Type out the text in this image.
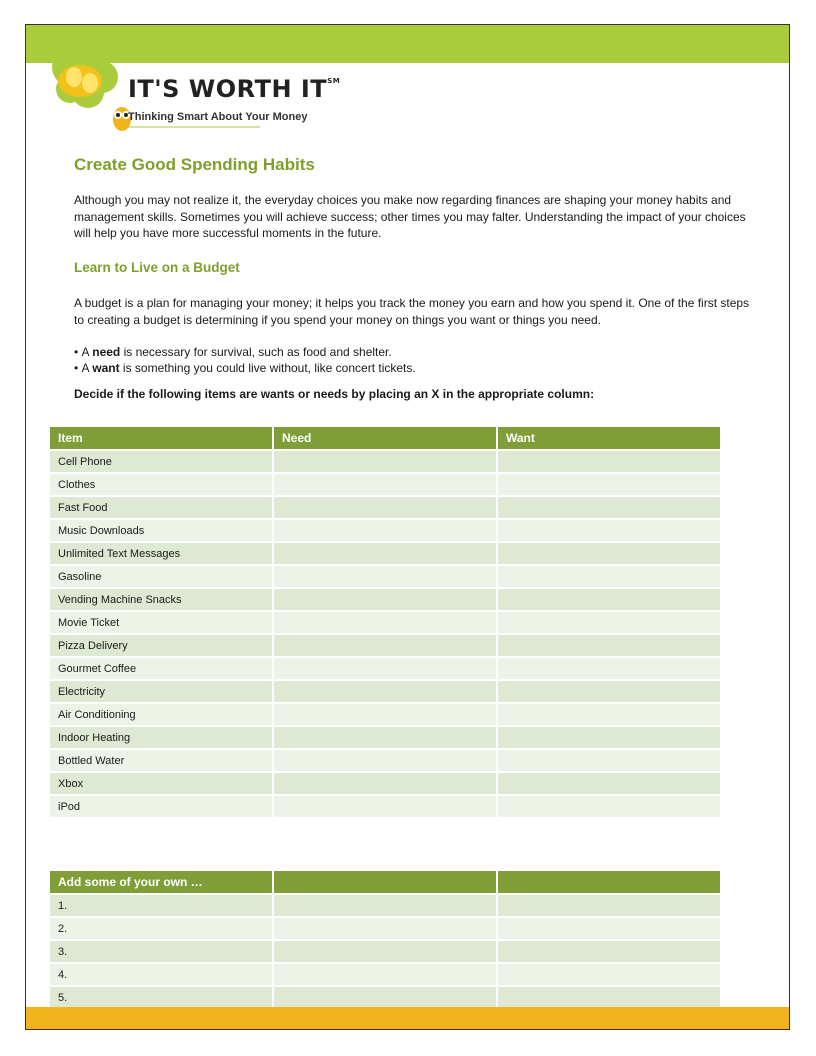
IT'S WORTH IT℠
Thinking Smart About Your Money
Create Good Spending Habits

Although you may not realize it, the everyday choices you make now regarding finances are shaping your money habits and management skills. Sometimes you will achieve success; other times you may falter. Understanding the impact of your choices will help you have more successful moments in the future.

Learn to Live on a Budget

A budget is a plan for managing your money; it helps you track the money you earn and how you spend it. One of the first steps to creating a budget is determining if you spend your money on things you want or things you need.

• A need is necessary for survival, such as food and shelter.
• A want is something you could live without, like concert tickets.
Decide if the following items are wants or needs by placing an X in the appropriate column:
Item	Need	Want
Cell Phone		
Clothes		
Fast Food		
Music Downloads		
Unlimited Text Messages		
Gasoline		
Vending Machine Snacks		
Movie Ticket		
Pizza Delivery		
Gourmet Coffee		
Electricity		
Air Conditioning		
Indoor Heating		
Bottled Water		
Xbox		
iPod		
Add some of your own …		
1.		
2.		
3.		
4.		
5.		
